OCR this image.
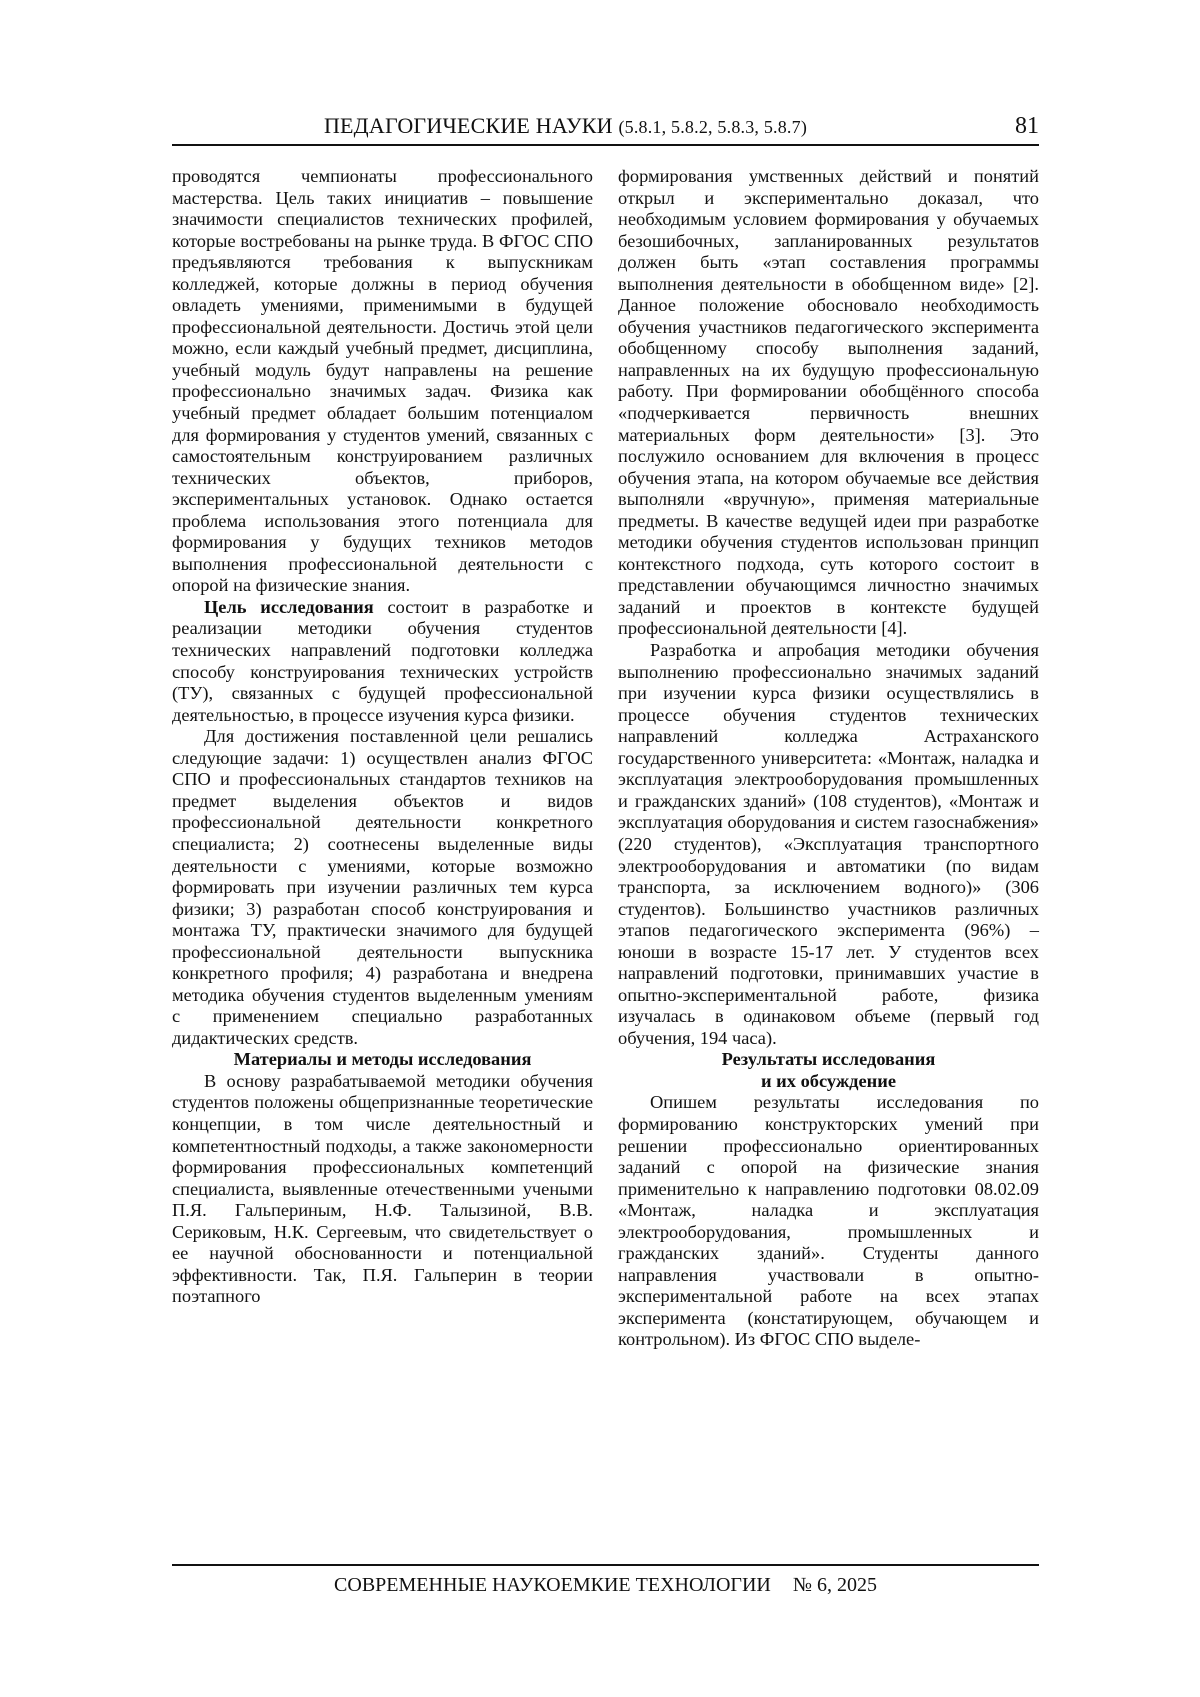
ПЕДАГОГИЧЕСКИЕ НАУКИ (5.8.1, 5.8.2, 5.8.3, 5.8.7)	81

проводятся чемпионаты профессионального мастерства. Цель таких инициатив – повышение значимости специалистов технических профилей, которые востребованы на рынке труда. В ФГОС СПО предъявляются требования к выпускникам колледжей, которые должны в период обучения овладеть умениями, применимыми в будущей профессиональной деятельности. Достичь этой цели можно, если каждый учебный предмет, дисциплина, учебный модуль будут направлены на решение профессионально значимых задач. Физика как учебный предмет обладает большим потенциалом для формирования у студентов умений, связанных с самостоятельным конструированием различных технических объектов, приборов, экспериментальных установок. Однако остается проблема использования этого потенциала для формирования у будущих техников методов выполнения профессиональной деятельности с опорой на физические знания.

Цель исследования состоит в разработке и реализации методики обучения студентов технических направлений подготовки колледжа способу конструирования технических устройств (ТУ), связанных с будущей профессиональной деятельностью, в процессе изучения курса физики.

Для достижения поставленной цели решались следующие задачи: 1) осуществлен анализ ФГОС СПО и профессиональных стандартов техников на предмет выделения объектов и видов профессиональной деятельности конкретного специалиста; 2) соотнесены выделенные виды деятельности с умениями, которые возможно формировать при изучении различных тем курса физики; 3) разработан способ конструирования и монтажа ТУ, практически значимого для будущей профессиональной деятельности выпускника конкретного профиля; 4) разработана и внедрена методика обучения студентов выделенным умениям с применением специально разработанных дидактических средств.

Материалы и методы исследования

В основу разрабатываемой методики обучения студентов положены общепризнанные теоретические концепции, в том числе деятельностный и компетентностный подходы, а также закономерности формирования профессиональных компетенций специалиста, выявленные отечественными учеными П.Я. Гальпериным, Н.Ф. Талызиной, В.В. Сериковым, Н.К. Сергеевым, что свидетельствует о ее научной обоснованности и потенциальной эффективности. Так, П.Я. Гальперин в теории поэтапного

формирования умственных действий и понятий открыл и экспериментально доказал, что необходимым условием формирования у обучаемых безошибочных, запланированных результатов должен быть «этап составления программы выполнения деятельности в обобщенном виде» [2]. Данное положение обосновало необходимость обучения участников педагогического эксперимента обобщенному способу выполнения заданий, направленных на их будущую профессиональную работу. При формировании обобщённого способа «подчеркивается первичность внешних материальных форм деятельности» [3]. Это послужило основанием для включения в процесс обучения этапа, на котором обучаемые все действия выполняли «вручную», применяя материальные предметы. В качестве ведущей идеи при разработке методики обучения студентов использован принцип контекстного подхода, суть которого состоит в представлении обучающимся личностно значимых заданий и проектов в контексте будущей профессиональной деятельности [4].

Разработка и апробация методики обучения выполнению профессионально значимых заданий при изучении курса физики осуществлялись в процессе обучения студентов технических направлений колледжа Астраханского государственного университета: «Монтаж, наладка и эксплуатация электрооборудования промышленных и гражданских зданий» (108 студентов), «Монтаж и эксплуатация оборудования и систем газоснабжения» (220 студентов), «Эксплуатация транспортного электрооборудования и автоматики (по видам транспорта, за исключением водного)» (306 студентов). Большинство участников различных этапов педагогического эксперимента (96%) – юноши в возрасте 15-17 лет. У студентов всех направлений подготовки, принимавших участие в опытно-экспериментальной работе, физика изучалась в одинаковом объеме (первый год обучения, 194 часа).

Результаты исследования
и их обсуждение

Опишем результаты исследования по формированию конструкторских умений при решении профессионально ориентированных заданий с опорой на физические знания применительно к направлению подготовки 08.02.09 «Монтаж, наладка и эксплуатация электрооборудования, промышленных и гражданских зданий». Студенты данного направления участвовали в опытно-экспериментальной работе на всех этапах эксперимента (констатирующем, обучающем и контрольном). Из ФГОС СПО выделе-

СОВРЕМЕННЫЕ НАУКОЕМКИЕ ТЕХНОЛОГИИ № 6, 2025
